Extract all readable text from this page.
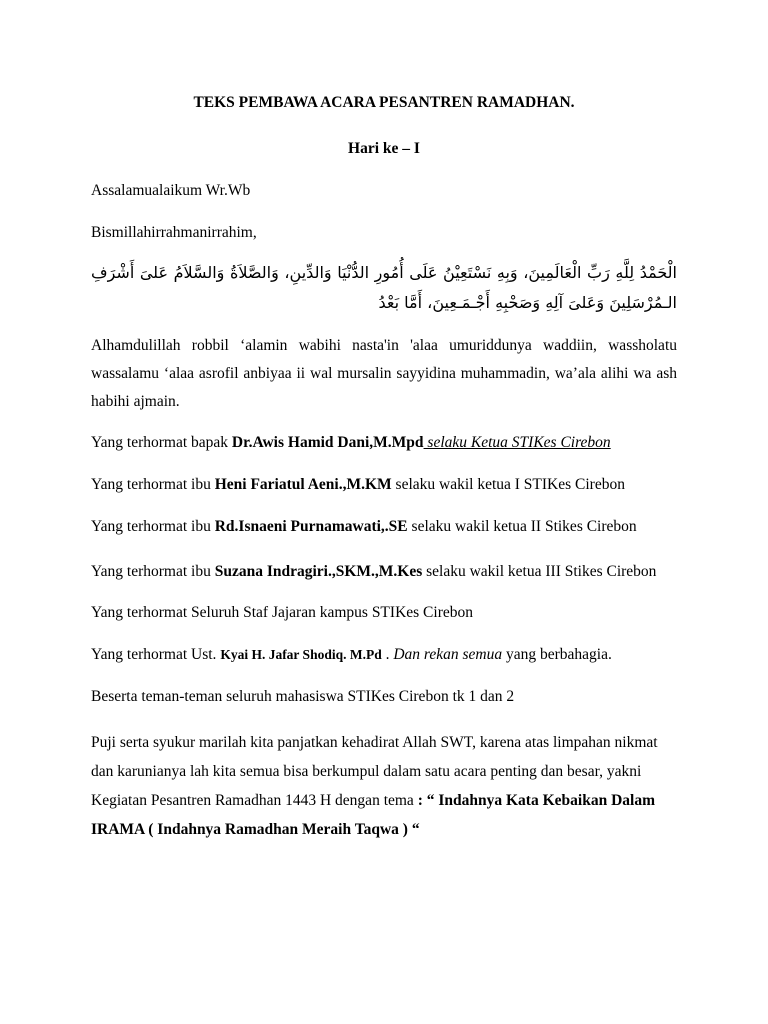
TEKS PEMBAWA ACARA PESANTREN RAMADHAN.

Hari ke – I

Assalamualaikum Wr.Wb

Bismillahirrahmanirrahim,

الْحَمْدُ لِلَّهِ رَبِّ الْعَالَمِينَ، وَبِهِ نَسْتَعِيْنُ عَلَى أُمُورِ الدُّنْيَا وَالدِّينِ، وَالصَّلاَةُ وَالسَّلاَمُ عَلىَ أَشْرَفِ الـمُرْسَلِينَ وَعَلىَ آلِهِ وَصَحْبِهِ أَجْـمَـعِينَ، أَمَّا بَعْدُ

Alhamdulillah robbil ‘alamin wabihi nasta'in 'alaa umuriddunya waddiin, wassholatu wassalamu ‘alaa asrofil anbiyaa ii wal mursalin sayyidina muhammadin, wa’ala alihi wa ash habihi ajmain.

Yang terhormat bapak Dr.Awis Hamid Dani,M.Mpd selaku Ketua STIKes Cirebon

Yang terhormat ibu Heni Fariatul Aeni.,M.KM selaku wakil ketua I STIKes Cirebon

Yang terhormat ibu Rd.Isnaeni Purnamawati,.SE selaku wakil ketua II Stikes Cirebon

Yang terhormat ibu Suzana Indragiri.,SKM.,M.Kes selaku wakil ketua III Stikes Cirebon

Yang terhormat Seluruh Staf Jajaran kampus STIKes Cirebon

Yang terhormat Ust. Kyai H. Jafar Shodiq. M.Pd . Dan rekan semua yang berbahagia.

Beserta teman-teman seluruh mahasiswa STIKes Cirebon tk 1 dan 2

Puji serta syukur marilah kita panjatkan kehadirat Allah SWT, karena atas limpahan nikmat dan karunianya lah kita semua bisa berkumpul dalam satu acara penting dan besar, yakni Kegiatan Pesantren Ramadhan 1443 H dengan tema : “ Indahnya Kata Kebaikan Dalam IRAMA ( Indahnya Ramadhan Meraih Taqwa ) “
